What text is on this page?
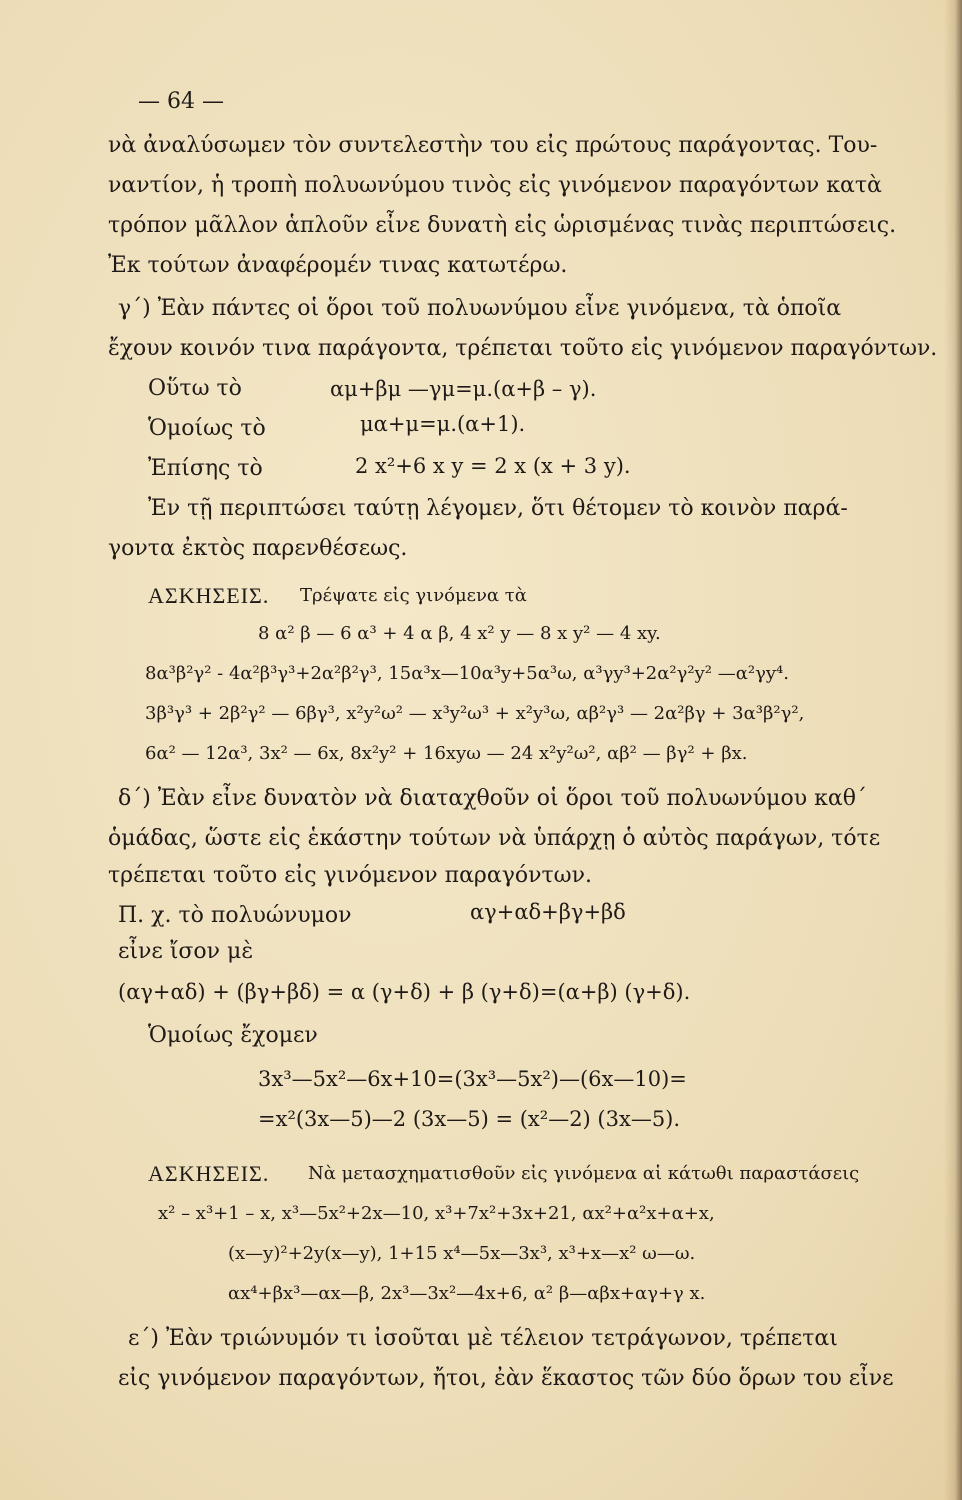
— 64 —
νὰ ἀναλύσωμεν τὸν συντελεστὴν του εἰς πρώτους παράγοντας. Του-
ναντίον, ἡ τροπὴ πολυωνύμου τινὸς εἰς γινόμενον παραγόντων κατὰ
τρόπον μᾶλλον ἁπλοῦν εἶνε δυνατὴ εἰς ὡρισμένας τινὰς περιπτώσεις.
Ἐκ τούτων ἀναφέρομέν τινας κατωτέρω.
γ΄) Ἐὰν πάντες οἱ ὅροι τοῦ πολυωνύμου εἶνε γινόμενα, τὰ ὁποῖα
ἔχουν κοινόν τινα παράγοντα, τρέπεται τοῦτο εἰς γινόμενον παραγόντων.
Οὕτω τὸ	αμ+βμ —γμ=μ.(α+β – γ).
Ὁμοίως τὸ	μα+μ=μ.(α+1).
Ἐπίσης τὸ	2 x²+6 x y = 2 x (x + 3 y).
Ἐν τῇ περιπτώσει ταύτῃ λέγομεν, ὅτι θέτομεν τὸ κοινὸν παρά-
γοντα ἐκτὸς παρενθέσεως.
ΑΣΚΗΣΕΙΣ. Τρέψατε εἰς γινόμενα τὰ
8 α² β — 6 α³ + 4 α β, 4 x² y — 8 x y² — 4 xy.
8α³β²γ² - 4α²β³γ³+2α²β²γ³, 15α³x—10α³y+5α³ω, α³γy³+2α²γ²y² —α²γy⁴.
3β³γ³ + 2β²γ² — 6βγ³, x²y²ω² — x³y²ω³ + x²y³ω, αβ²γ³ — 2α²βγ + 3α³β²γ²,
6α² — 12α³, 3x² — 6x, 8x²y² + 16xyω — 24 x²y²ω², αβ² — βγ² + βx.
δ΄) Ἐὰν εἶνε δυνατὸν νὰ διαταχθοῦν οἱ ὅροι τοῦ πολυωνύμου καθ΄
ὁμάδας, ὥστε εἰς ἑκάστην τούτων νὰ ὑπάρχῃ ὁ αὐτὸς παράγων, τότε
τρέπεται τοῦτο εἰς γινόμενον παραγόντων.
Π. χ. τὸ πολυώνυμον	αγ+αδ+βγ+βδ
εἶνε ἴσον μὲ
(αγ+αδ) + (βγ+βδ) = α (γ+δ) + β (γ+δ)=(α+β) (γ+δ).
Ὁμοίως ἔχομεν
3x³—5x²—6x+10=(3x³—5x²)—(6x—10)=
=x²(3x—5)—2 (3x—5) = (x²—2) (3x—5).
ΑΣΚΗΣΕΙΣ. Νὰ μετασχηματισθοῦν εἰς γινόμενα αἱ κάτωθι παραστάσεις
x² – x³+1 – x, x³—5x²+2x—10, x³+7x²+3x+21, αx²+α²x+α+x,
(x—y)²+2y(x—y), 1+15 x⁴—5x—3x³, x³+x—x² ω—ω.
αx⁴+βx³—αx—β, 2x³—3x²—4x+6, α² β—αβx+αγ+γ x.
ε΄) Ἐὰν τριώνυμόν τι ἰσοῦται μὲ τέλειον τετράγωνον, τρέπεται
εἰς γινόμενον παραγόντων, ἤτοι, ἐὰν ἕκαστος τῶν δύο ὅρων του εἶνε
